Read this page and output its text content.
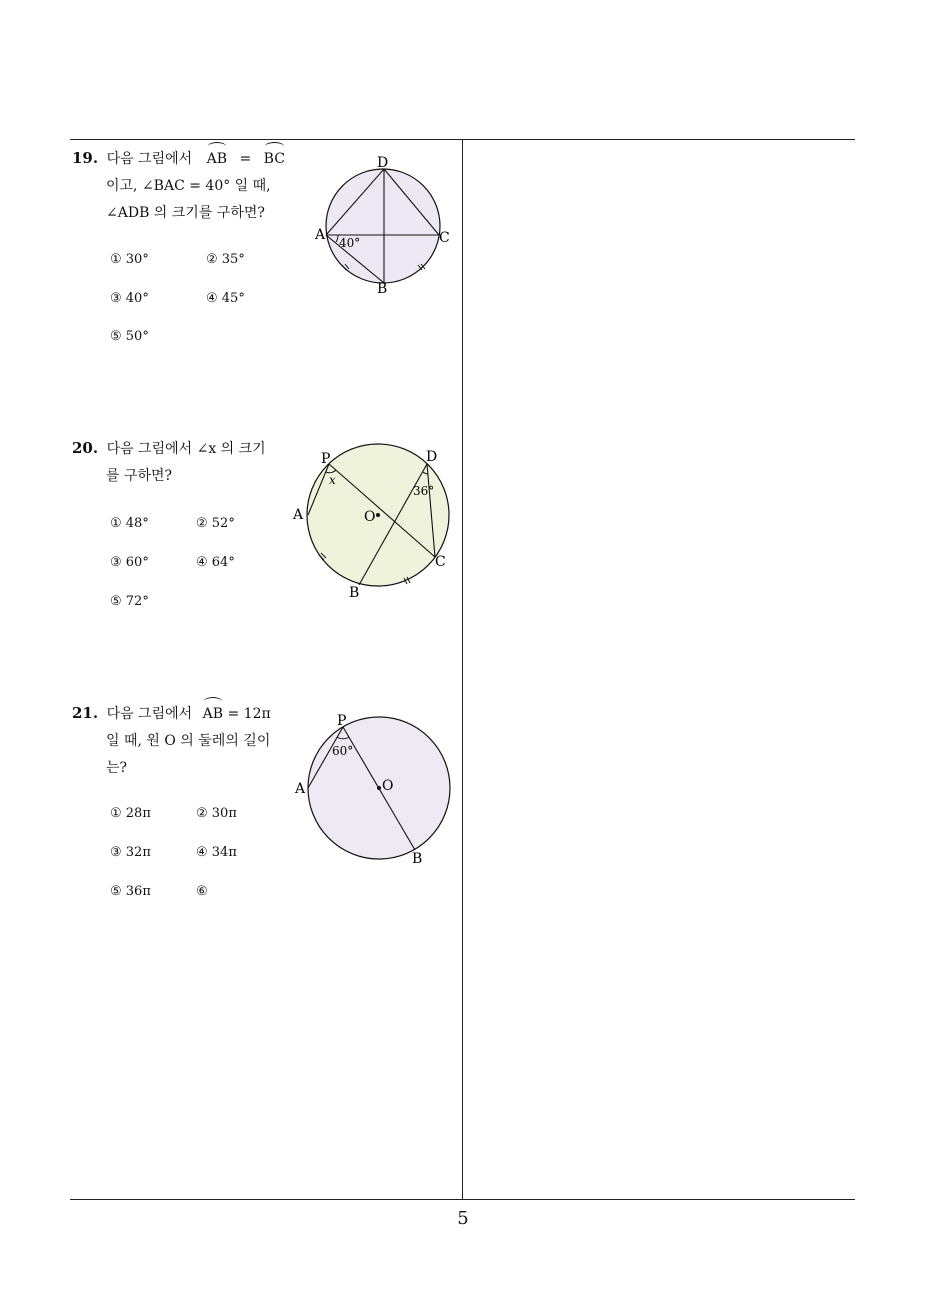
19. 다음 그림에서 AB = BC
이고, ∠BAC = 40° 일 때,
∠ADB 의 크기를 구하면?
① 30°	② 35°
③ 40°	④ 45°
⑤ 50°
D
A	C
B
40°
20. 다음 그림에서 ∠x 의 크기
를 구하면?
① 48°	② 52°
③ 60°	④ 64°
⑤ 72°
P	D
A
C
B
O
x
36°
21. 다음 그림에서 AB = 12π
일 때, 원 O 의 둘레의 길이
는?
① 28π	② 30π
③ 32π	④ 34π
⑤ 36π	⑥
P
A
B
O
60°
5
